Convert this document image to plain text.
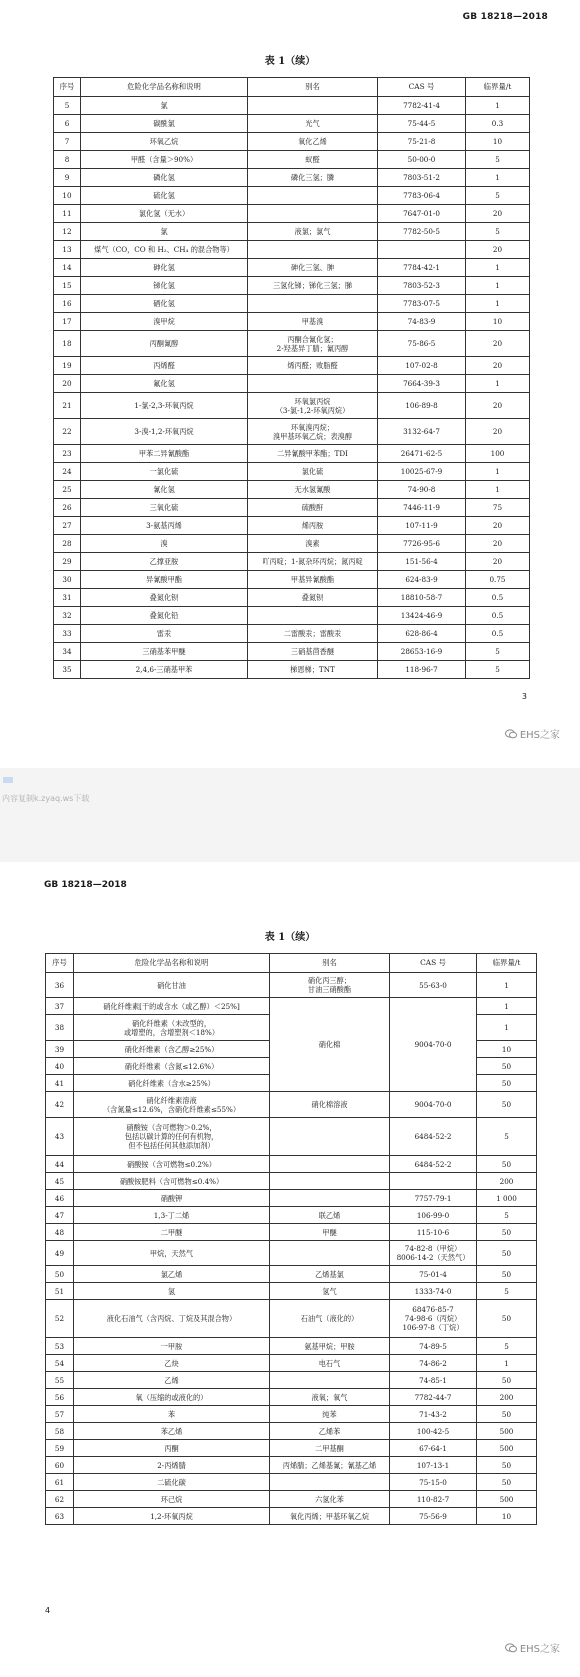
GB 18218—2018
表 1（续）
序号	危险化学品名称和说明	别名	CAS 号	临界量/t
5	氯		7782-41-4	1
6	碳酰氯	光气	75-44-5	0.3
7	环氧乙烷	氧化乙烯	75-21-8	10
8	甲醛（含量＞90%）	蚁醛	50-00-0	5
9	磷化氢	磷化三氢；膦	7803-51-2	1
10	硫化氢		7783-06-4	5
11	氯化氢（无水）		7647-01-0	20
12	氯	液氯；氯气	7782-50-5	5
13	煤气（CO，CO 和 H₂、CH₄ 的混合物等）			20
14	砷化氢	砷化三氢、胂	7784-42-1	1
15	锑化氢	三氢化锑；锑化三氢；䏲	7803-52-3	1
16	硒化氢		7783-07-5	1
17	溴甲烷	甲基溴	74-83-9	10
18	丙酮氰醇	丙酮合氰化氢；
2-羟基异丁腈；氰丙醇	75-86-5	20
19	丙烯醛	烯丙醛；败脂醛	107-02-8	20
20	氟化氢		7664-39-3	1
21	1-氯-2,3-环氧丙烷	环氧氯丙烷
（3-氯-1,2-环氧丙烷）	106-89-8	20
22	3-溴-1,2-环氧丙烷	环氧溴丙烷；
溴甲基环氧乙烷；表溴醇	3132-64-7	20
23	甲苯二异氰酸酯	二异氰酸甲苯酯；TDI	26471-62-5	100
24	一氯化硫	氯化硫	10025-67-9	1
25	氰化氢	无水氢氰酸	74-90-8	1
26	三氧化硫	硫酸酐	7446-11-9	75
27	3-氨基丙烯	烯丙胺	107-11-9	20
28	溴	溴素	7726-95-6	20
29	乙撑亚胺	吖丙啶；1-氮杂环丙烷；氮丙啶	151-56-4	20
30	异氰酸甲酯	甲基异氰酸酯	624-83-9	0.75
31	叠氮化钡	叠氮钡	18810-58-7	0.5
32	叠氮化铅		13424-46-9	0.5
33	雷汞	二雷酸汞；雷酸汞	628-86-4	0.5
34	三硝基苯甲醚	三硝基茴香醚	28653-16-9	5
35	2,4,6-三硝基甲苯	梯恩梯；TNT	118-96-7	5
3
EHS之家
内容复制k.zyaq.ws下载
GB 18218—2018
表 1（续）
序号	危险化学品名称和说明	别名	CAS 号	临界量/t
36	硝化甘油	硝化丙三醇；
甘油三硝酸酯	55-63-0	1
37	硝化纤维素[干的或含水（或乙醇）＜25%]	硝化棉	9004-70-0	1
38	硝化纤维素（未改型的，
或增塑的，含增塑剂＜18%）			1
39	硝化纤维素（含乙醇≥25%）			10
40	硝化纤维素（含氮≤12.6%）			50
41	硝化纤维素（含水≥25%）			50
42	硝化纤维素溶液
（含氮量≤12.6%，含硝化纤维素≤55%）	硝化棉溶液	9004-70-0	50
43	硝酸铵（含可燃物＞0.2%，
包括以碳计算的任何有机物，
但不包括任何其他添加剂）		6484-52-2	5
44	硝酸铵（含可燃物≤0.2%）		6484-52-2	50
45	硝酸铵肥料（含可燃物≤0.4%）			200
46	硝酸钾		7757-79-1	1 000
47	1,3-丁二烯	联乙烯	106-99-0	5
48	二甲醚	甲醚	115-10-6	50
49	甲烷，天然气		74-82-8（甲烷）
8006-14-2（天然气）	50
50	氯乙烯	乙烯基氯	75-01-4	50
51	氢	氢气	1333-74-0	5
52	液化石油气（含丙烷、丁烷及其混合物）	石油气（液化的）	68476-85-7
74-98-6（丙烷）
106-97-8（丁烷）	50
53	一甲胺	氨基甲烷；甲胺	74-89-5	5
54	乙炔	电石气	74-86-2	1
55	乙烯		74-85-1	50
56	氧（压缩的或液化的）	液氧；氧气	7782-44-7	200
57	苯	纯苯	71-43-2	50
58	苯乙烯	乙烯苯	100-42-5	500
59	丙酮	二甲基酮	67-64-1	500
60	2-丙烯腈	丙烯腈；乙烯基氰；氰基乙烯	107-13-1	50
61	二硫化碳		75-15-0	50
62	环己烷	六氢化苯	110-82-7	500
63	1,2-环氧丙烷	氧化丙烯；甲基环氧乙烷	75-56-9	10
4
EHS之家
